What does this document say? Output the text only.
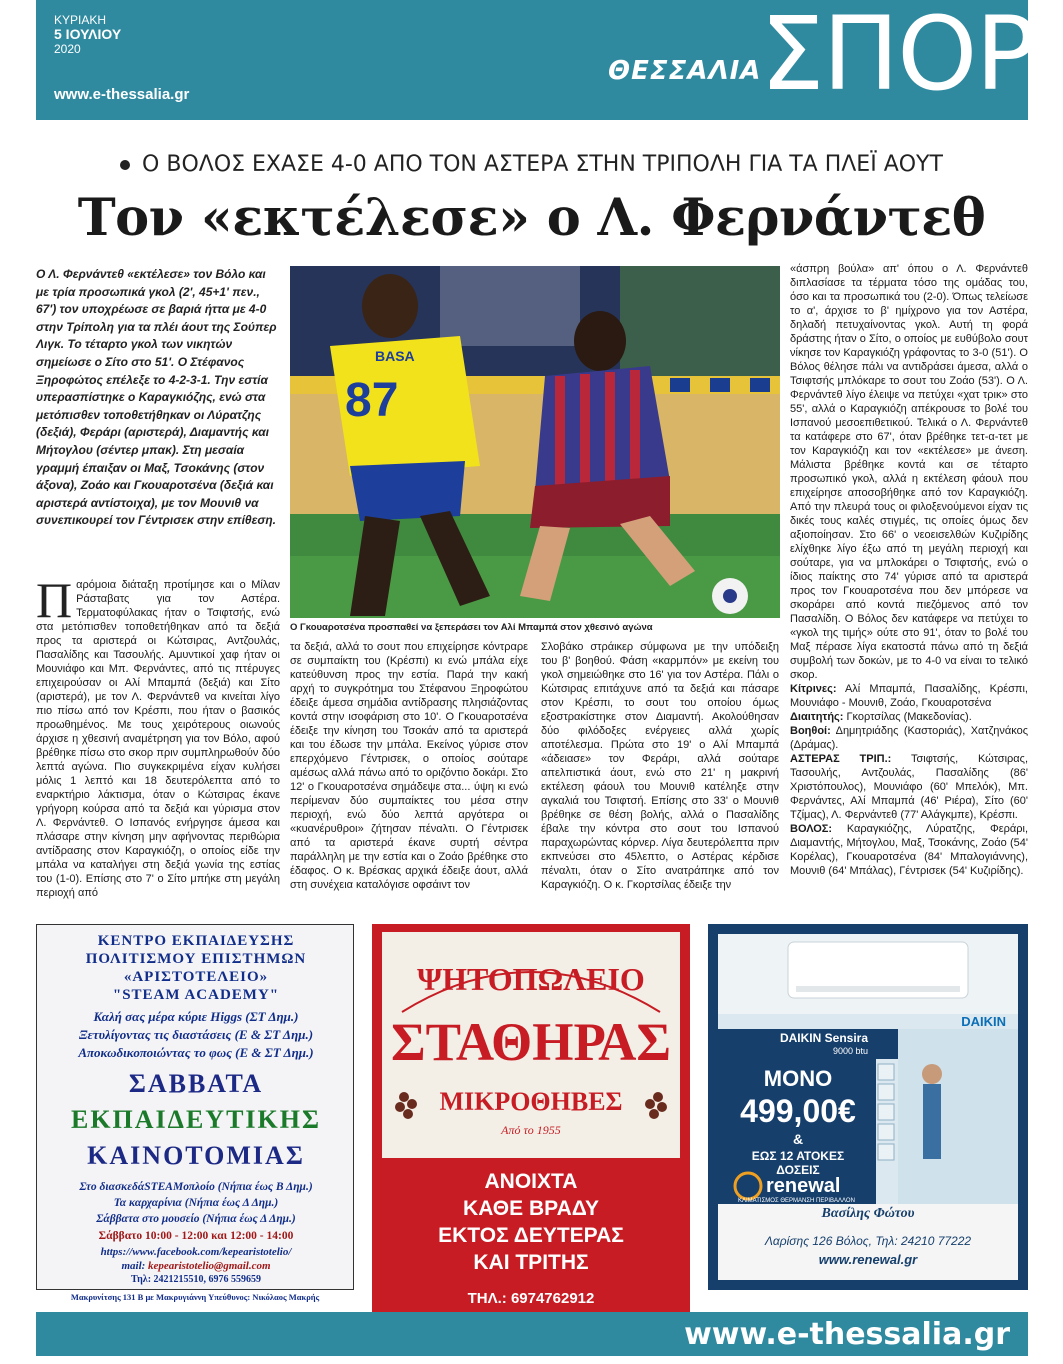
ΚΥΡΙΑΚΗ
5 ΙΟΥΛΙΟΥ
2020
www.e-thessalia.gr
ΘΕΣΣΑΛΙΑ
ΣΠΟΡ
Ο ΒΟΛΟΣ ΕΧΑΣΕ 4-0 ΑΠΟ ΤΟΝ ΑΣΤΕΡΑ ΣΤΗΝ ΤΡΙΠΟΛΗ ΓΙΑ ΤΑ ΠΛΕΪ ΑΟΥΤ
Τον «εκτέλεσε» ο Λ. Φερνάντεθ
Ο Λ. Φερνάντεθ «εκτέλεσε» τον Βόλο και με τρία προσωπικά γκολ (2', 45+1' πεν., 67') τον υποχρέωσε σε βαριά ήττα με 4-0 στην Τρίπολη για τα πλέι άουτ της Σούπερ Λιγκ. Το τέταρτο γκολ των νικητών σημείωσε ο Σίτο στο 51'. Ο Στέφανος Ξηροφώτος επέλεξε το 4-2-3-1. Την εστία υπερασπίστηκε ο Καραγκιόζης, ενώ στα μετόπισθεν τοποθετήθηκαν οι Λύρατζης (δεξιά), Φεράρι (αριστερά), Διαμαντής και Μήτογλου (σέντερ μπακ). Στη μεσαία γραμμή έπαιξαν οι Μαξ, Τσοκάνης (στον άξονα), Ζοάο και Γκουαροτσένα (δεξιά και αριστερά αντίστοιχα), με τον Μουνιθ να συνεπικουρεί τον Γέντρισεκ στην επίθεση.
Παρόμοια διάταξη προτίμησε και ο Μίλαν Ράσταβατς για τον Αστέρα. Τερματοφύλακας ήταν ο Τσιφτσής, ενώ στα μετόπισθεν τοποθετήθηκαν από τα δεξιά προς τα αριστερά οι Κώτσιρας, Αντζουλάς, Πασαλίδης και Τασουλής. Αμυντικοί χαφ ήταν οι Μουνιάφο και Μπ. Φερνάντες, από τις πτέρυγες επιχειρούσαν οι Αλί Μπαμπά (δεξιά) και Σίτο (αριστερά), με τον Λ. Φερνάντεθ να κινείται λίγο πιο πίσω από τον Κρέσπι, που ήταν ο βασικός προωθημένος. Με τους χειρότερους οιωνούς άρχισε η χθεσινή αναμέτρηση για τον Βόλο, αφού βρέθηκε πίσω στο σκορ πριν συμπληρωθούν δύο λεπτά αγώνα. Πιο συγκεκριμένα είχαν κυλήσει μόλις 1 λεπτό και 18 δευτερόλεπτα από το εναρκτήριο λάκτισμα, όταν ο Κώτσιρας έκανε γρήγορη κούρσα από τα δεξιά και γύρισμα στον Λ. Φερνάντεθ. Ο Ισπανός ενήργησε άμεσα και πλάσαρε στην κίνηση μην αφήνοντας περιθώρια αντίδρασης στον Καραγκιόζη, ο οποίος είδε την μπάλα να καταλήγει στη δεξιά γωνία της εστίας του (1-0). Επίσης στο 7' ο Σίτο μπήκε στη μεγάλη περιοχή από
87
BASA
Ο Γκουαροτσένα προσπαθεί να ξεπεράσει τον Αλί Μπαμπά στον χθεσινό αγώνα
τα δεξιά, αλλά το σουτ που επιχείρησε κόντραρε σε συμπαίκτη του (Κρέσπι) κι ενώ μπάλα είχε κατεύθυνση προς την εστία. Παρά την κακή αρχή το συγκρότημα του Στέφανου Ξηροφώτου έδειξε άμεσα σημάδια αντίδρασης πλησιάζοντας κοντά στην ισοφάριση στο 10'. Ο Γκουαροτσένα έδειξε την κίνηση του Τσοκάν από τα αριστερά και του έδωσε την μπάλα. Εκείνος γύρισε στον επερχόμενο Γέντρισεκ, ο οποίος σούταρε αμέσως αλλά πάνω από το οριζόντιο δοκάρι. Στο 12' ο Γκουαροτσένα σημάδεψε στα... ύψη κι ενώ περίμεναν δύο συμπαίκτες του μέσα στην περιοχή, ενώ δύο λεπτά αργότερα οι «κυανέρυθροι» ζήτησαν πέναλτι. Ο Γέντρισεκ από τα αριστερά έκανε συρτή σέντρα παράλληλη με την εστία και ο Ζοάο βρέθηκε στο έδαφος. Ο κ. Βρέσκας αρχικά έδειξε άουτ, αλλά στη συνέχεια καταλόγισε οφσάιντ τον
Σλοβάκο στράικερ σύμφωνα με την υπόδειξη του β' βοηθού. Φάση «καρμπόν» με εκείνη του γκολ σημειώθηκε στο 16' για τον Αστέρα. Πάλι ο Κώτσιρας επιτάχυνε από τα δεξιά και πάσαρε στον Κρέσπι, το σουτ του οποίου όμως εξοστρακίστηκε στον Διαμαντή. Ακολούθησαν δύο φιλόδοξες ενέργειες αλλά χωρίς αποτέλεσμα. Πρώτα στο 19' ο Αλί Μπαμπά «άδειασε» τον Φεράρι, αλλά σούταρε απελπιστικά άουτ, ενώ στο 21' η μακρινή εκτέλεση φάουλ του Μουνιθ κατέληξε στην αγκαλιά του Τσιφτσή. Επίσης στο 33' ο Μουνιθ βρέθηκε σε θέση βολής, αλλά ο Πασαλίδης έβαλε την κόντρα στο σουτ του Ισπανού παραχωρώντας κόρνερ. Λίγα δευτερόλεπτα πριν εκπνεύσει στο 45λεπτο, ο Αστέρας κέρδισε πέναλτι, όταν ο Σίτο ανατράπηκε από τον Καραγκιόζη. Ο κ. Γκορτσίλας έδειξε την

«άσπρη βούλα» απ' όπου ο Λ. Φερνάντεθ διπλασίασε τα τέρματα τόσο της ομάδας του, όσο και τα προσωπικά του (2-0). Όπως τελείωσε το α', άρχισε το β' ημίχρονο για τον Αστέρα, δηλαδή πετυχαίνοντας γκολ. Αυτή τη φορά δράστης ήταν ο Σίτο, ο οποίος με ευθύβολο σουτ νίκησε τον Καραγκιόζη γράφοντας το 3-0 (51'). Ο Βόλος θέλησε πάλι να αντιδράσει άμεσα, αλλά ο Τσιφτσής μπλόκαρε το σουτ του Ζοάο (53'). Ο Λ. Φερνάντεθ λίγο έλειψε να πετύχει «χατ τρικ» στο 55', αλλά ο Καραγκιόζη απέκρουσε το βολέ του Ισπανού μεσοεπιθετικού. Τελικά ο Λ. Φερνάντεθ τα κατάφερε στο 67', όταν βρέθηκε τετ-α-τετ με τον Καραγκιόζη και τον «εκτέλεσε» με άνεση. Μάλιστα βρέθηκε κοντά και σε τέταρτο προσωπικό γκολ, αλλά η εκτέλεση φάουλ που επιχείρησε αποσοβήθηκε από τον Καραγκιόζη. Από την πλευρά τους οι φιλοξενούμενοι είχαν τις δικές τους καλές στιγμές, τις οποίες όμως δεν αξιοποίησαν. Στο 66' ο νεοεισελθών Κυζιρίδης ελίχθηκε λίγο έξω από τη μεγάλη περιοχή και σούταρε, για να μπλοκάρει ο Τσιφτσής, ενώ ο ίδιος παίκτης στο 74' γύρισε από τα αριστερά προς τον Γκουαροτσένα που δεν μπόρεσε να σκοράρει από κοντά πιεζόμενος από τον Πασαλίδη. Ο Βόλος δεν κατάφερε να πετύχει το «γκολ της τιμής» ούτε στο 91', όταν το βολέ του Μαξ πέρασε λίγα εκατοστά πάνω από τη δεξιά συμβολή των δοκών, με το 4-0 να είναι το τελικό σκορ.

Κίτρινες: Αλί Μπαμπά, Πασαλίδης, Κρέσπι, Μουνιάφο - Μουνιθ, Ζοάο, Γκουαροτσένα

Διαιτητής: Γκορτσίλας (Μακεδονίας).

Βοηθοί: Δημητριάδης (Καστοριάς), Χατζηνάκος (Δράμας).

ΑΣΤΕΡΑΣ ΤΡΙΠ.: Τσιφτσής, Κώτσιρας, Τασουλής, Αντζουλάς, Πασαλίδης (86' Χριστόπουλος), Μουνιάφο (60' Μπελόκ), Μπ. Φερνάντες, Αλί Μπαμπά (46' Ριέρα), Σίτο (60' Τζίμας), Λ. Φερνάντεθ (77' Αλάγκμπε), Κρέσπι.

ΒΟΛΟΣ: Καραγκιόζης, Λύρατζης, Φεράρι, Διαμαντής, Μήτογλου, Μαξ, Τσοκάνης, Ζοάο (54' Κορέλας), Γκουαροτσένα (84' Μπαλογιάννης), Μουνιθ (64' Μπάλας), Γέντρισεκ (54' Κυζιρίδης).

ΚΕΝΤΡΟ ΕΚΠΑΙΔΕΥΣΗΣ
ΠΟΛΙΤΙΣΜΟΥ ΕΠΙΣΤΗΜΩΝ
«ΑΡΙΣΤΟΤΕΛΕΙΟ»
"STEAM ACADEMY"
Καλή σας μέρα κύριε Higgs (ΣΤ Δημ.)
Ξετυλίγοντας τις διαστάσεις (Ε & ΣΤ Δημ.)
Αποκωδικοποιώντας το φως (Ε & ΣΤ Δημ.)
ΣΑΒΒΑΤΑ
ΕΚΠΑΙΔΕΥΤΙΚΗΣ
ΚΑΙΝΟΤΟΜΙΑΣ
Στο διασκεδάSTEAMοπλοίο (Νήπια έως Β Δημ.)
Τα καρχαρίνια (Νήπια έως Δ Δημ.)
Σάββατα στο μουσείο (Νήπια έως Δ Δημ.)
Σάββατο 10:00 - 12:00 και 12:00 - 14:00
https://www.facebook.com/kepearistotelio/
mail: kepearistotelio@gmail.com
Τηλ: 2421215510, 6976 559659
Μακρυνίτσης 131 Β με Μακρυγιάννη Υπεύθυνος: Νικόλαος Μακρής
ΨΗΤΟΠΩΛΕΙΟ
ΣΤΑΘΗΡΑΣ
ΜΙΚΡΟΘΗΒΕΣ
Από το 1955
ΑΝΟΙΧΤΑ
ΚΑΘΕ ΒΡΑΔΥ
ΕΚΤΟΣ ΔΕΥΤΕΡΑΣ
ΚΑΙ ΤΡΙΤΗΣ
ΤΗΛ.: 6974762912
DAIKIN
DAIKIN Sensira
9000 btu
ΜΟΝΟ
499,00€
&
ΕΩΣ 12 ΑΤΟΚΕΣ
ΔΟΣΕΙΣ
renewal
ΚΛΙΜΑΤΙΣΜΟΣ ΘΕΡΜΑΝΣΗ ΠΕΡΙΒΑΛΛΟΝ
Βασίλης Φώτου
Λαρίσης 126 Βόλος, Τηλ: 24210 77222
www.renewal.gr
www.e-thessalia.gr
